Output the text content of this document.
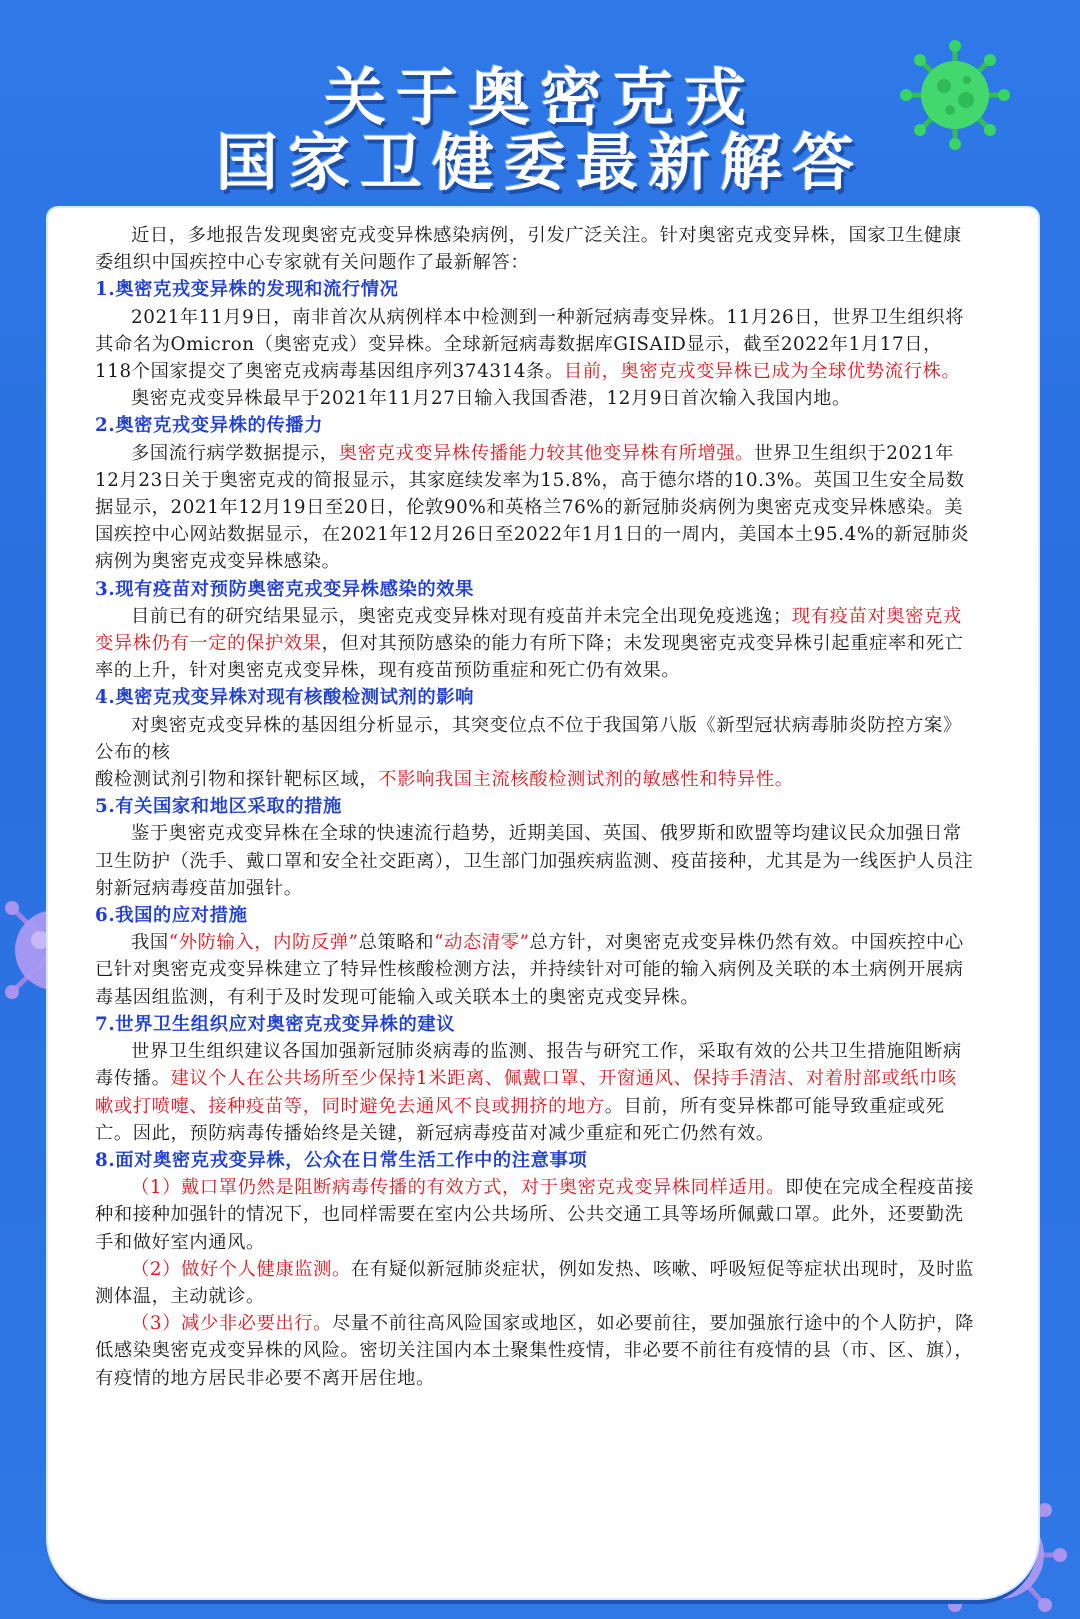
关于奥密克戎
国家卫健委最新解答

近日，多地报告发现奥密克戎变异株感染病例，引发广泛关注。针对奥密克戎变异株，国家卫生健康委组织中国疾控中心专家就有关问题作了最新解答：

1.奥密克戎变异株的发现和流行情况

2021年11月9日，南非首次从病例样本中检测到一种新冠病毒变异株。11月26日，世界卫生组织将其命名为Omicron（奥密克戎）变异株。全球新冠病毒数据库GISAID显示，截至2022年1月17日，118个国家提交了奥密克戎病毒基因组序列374314条。目前，奥密克戎变异株已成为全球优势流行株。

奥密克戎变异株最早于2021年11月27日输入我国香港，12月9日首次输入我国内地。

2.奥密克戎变异株的传播力

多国流行病学数据提示，奥密克戎变异株传播能力较其他变异株有所增强。世界卫生组织于2021年12月23日关于奥密克戎的简报显示，其家庭续发率为15.8%，高于德尔塔的10.3%。英国卫生安全局数据显示，2021年12月19日至20日，伦敦90%和英格兰76%的新冠肺炎病例为奥密克戎变异株感染。美国疾控中心网站数据显示，在2021年12月26日至2022年1月1日的一周内，美国本土95.4%的新冠肺炎病例为奥密克戎变异株感染。

3.现有疫苗对预防奥密克戎变异株感染的效果

目前已有的研究结果显示，奥密克戎变异株对现有疫苗并未完全出现免疫逃逸；现有疫苗对奥密克戎变异株仍有一定的保护效果，但对其预防感染的能力有所下降；未发现奥密克戎变异株引起重症率和死亡率的上升，针对奥密克戎变异株，现有疫苗预防重症和死亡仍有效果。

4.奥密克戎变异株对现有核酸检测试剂的影响

对奥密克戎变异株的基因组分析显示，其突变位点不位于我国第八版《新型冠状病毒肺炎防控方案》公布的核

酸检测试剂引物和探针靶标区域，不影响我国主流核酸检测试剂的敏感性和特异性。

5.有关国家和地区采取的措施

鉴于奥密克戎变异株在全球的快速流行趋势，近期美国、英国、俄罗斯和欧盟等均建议民众加强日常卫生防护（洗手、戴口罩和安全社交距离），卫生部门加强疾病监测、疫苗接种，尤其是为一线医护人员注射新冠病毒疫苗加强针。

6.我国的应对措施

我国“外防输入，内防反弹”总策略和“动态清零”总方针，对奥密克戎变异株仍然有效。中国疾控中心已针对奥密克戎变异株建立了特异性核酸检测方法，并持续针对可能的输入病例及关联的本土病例开展病毒基因组监测，有利于及时发现可能输入或关联本土的奥密克戎变异株。

7.世界卫生组织应对奥密克戎变异株的建议

世界卫生组织建议各国加强新冠肺炎病毒的监测、报告与研究工作，采取有效的公共卫生措施阻断病毒传播。建议个人在公共场所至少保持1米距离、佩戴口罩、开窗通风、保持手清洁、对着肘部或纸巾咳嗽或打喷嚏、接种疫苗等，同时避免去通风不良或拥挤的地方。目前，所有变异株都可能导致重症或死亡。因此，预防病毒传播始终是关键，新冠病毒疫苗对减少重症和死亡仍然有效。

8.面对奥密克戎变异株，公众在日常生活工作中的注意事项

（1）戴口罩仍然是阻断病毒传播的有效方式，对于奥密克戎变异株同样适用。即使在完成全程疫苗接种和接种加强针的情况下，也同样需要在室内公共场所、公共交通工具等场所佩戴口罩。此外，还要勤洗手和做好室内通风。

（2）做好个人健康监测。在有疑似新冠肺炎症状，例如发热、咳嗽、呼吸短促等症状出现时，及时监测体温，主动就诊。

（3）减少非必要出行。尽量不前往高风险国家或地区，如必要前往，要加强旅行途中的个人防护，降低感染奥密克戎变异株的风险。密切关注国内本土聚集性疫情，非必要不前往有疫情的县（市、区、旗），有疫情的地方居民非必要不离开居住地。
